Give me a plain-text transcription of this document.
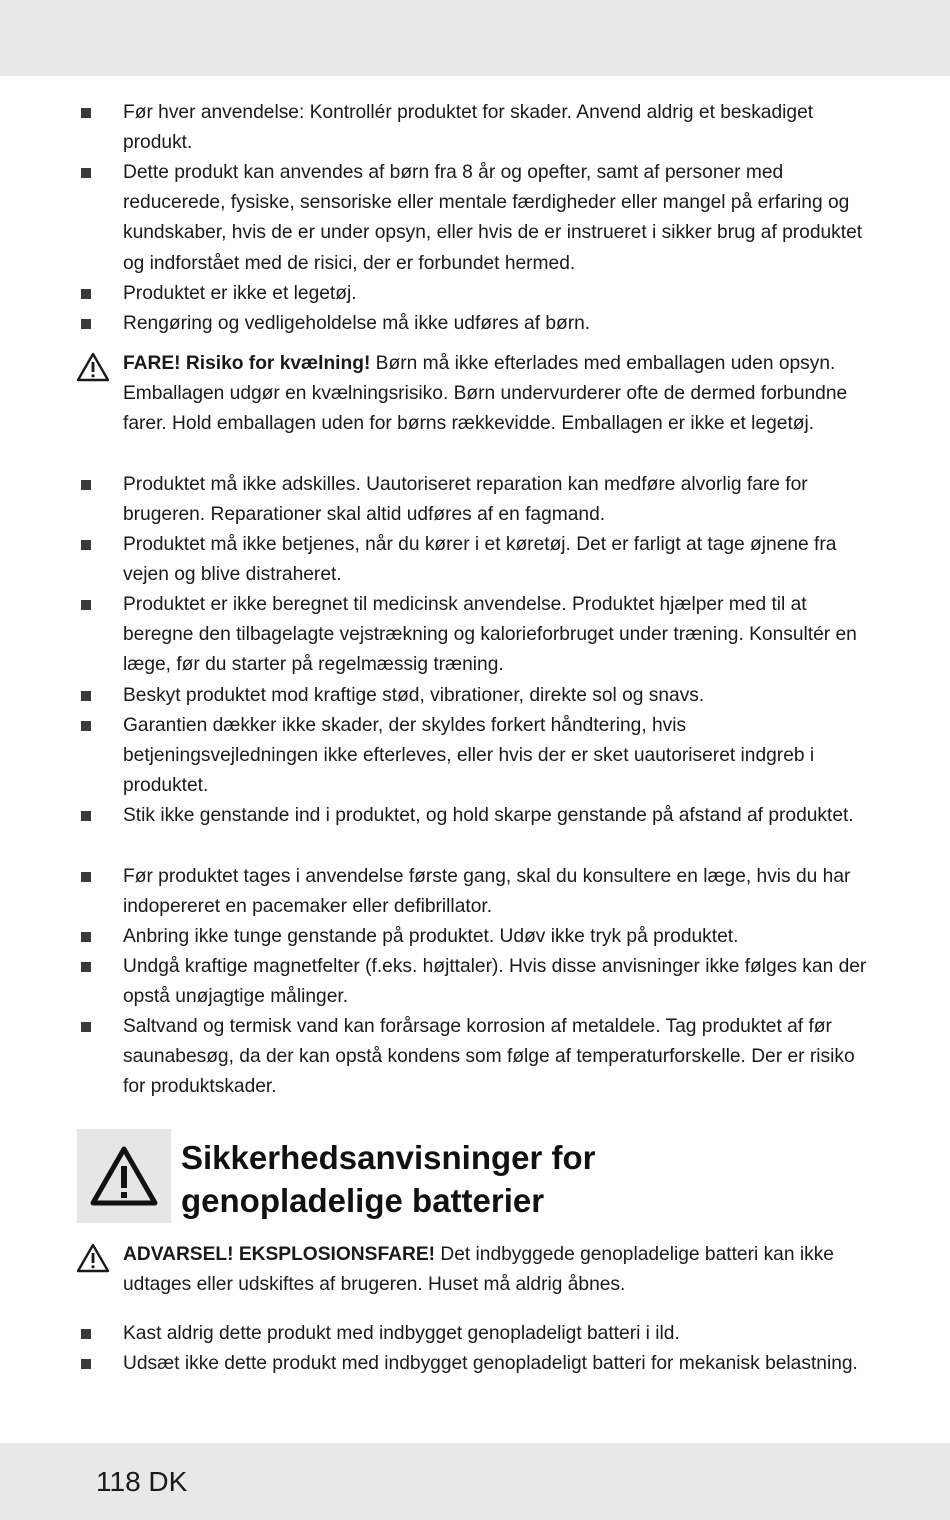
Før hver anvendelse: Kontrollér produktet for skader. Anvend aldrig et beskadiget produkt.
Dette produkt kan anvendes af børn fra 8 år og opefter, samt af personer med reducerede, fysiske, sensoriske eller mentale færdigheder eller mangel på erfaring og kundskaber, hvis de er under opsyn, eller hvis de er instrueret i sikker brug af produktet og indforstået med de risici, der er forbundet hermed.
Produktet er ikke et legetøj.
Rengøring og vedligeholdelse må ikke udføres af børn.
FARE! Risiko for kvælning! Børn må ikke efterlades med emballagen uden opsyn. Emballagen udgør en kvælningsrisiko. Børn undervurderer ofte de dermed forbundne farer. Hold emballagen uden for børns rækkevidde. Emballagen er ikke et legetøj.
Produktet må ikke adskilles. Uautoriseret reparation kan medføre alvorlig fare for brugeren. Reparationer skal altid udføres af en fagmand.
Produktet må ikke betjenes, når du kører i et køretøj. Det er farligt at tage øjnene fra vejen og blive distraheret.
Produktet er ikke beregnet til medicinsk anvendelse. Produktet hjælper med til at beregne den tilbagelagte vejstrækning og kalorieforbruget under træning. Konsultér en læge, før du starter på regelmæssig træning.
Beskyt produktet mod kraftige stød, vibrationer, direkte sol og snavs.
Garantien dækker ikke skader, der skyldes forkert håndtering, hvis betjeningsvejledningen ikke efterleves, eller hvis der er sket uautoriseret indgreb i produktet.
Stik ikke genstande ind i produktet, og hold skarpe genstande på afstand af produktet.
Før produktet tages i anvendelse første gang, skal du konsultere en læge, hvis du har indopereret en pacemaker eller defibrillator.
Anbring ikke tunge genstande på produktet. Udøv ikke tryk på produktet.
Undgå kraftige magnetfelter (f.eks. højttaler). Hvis disse anvisninger ikke følges kan der opstå unøjagtige målinger.
Saltvand og termisk vand kan forårsage korrosion af metaldele. Tag produktet af før saunabesøg, da der kan opstå kondens som følge af temperaturforskelle. Der er risiko for produktskader.
Sikkerhedsanvisninger for
genopladelige batterier
ADVARSEL! EKSPLOSIONSFARE! Det indbyggede genopladelige batteri kan ikke udtages eller udskiftes af brugeren. Huset må aldrig åbnes.
Kast aldrig dette produkt med indbygget genopladeligt batteri i ild.
Udsæt ikke dette produkt med indbygget genopladeligt batteri for mekanisk belastning.
118 DK
